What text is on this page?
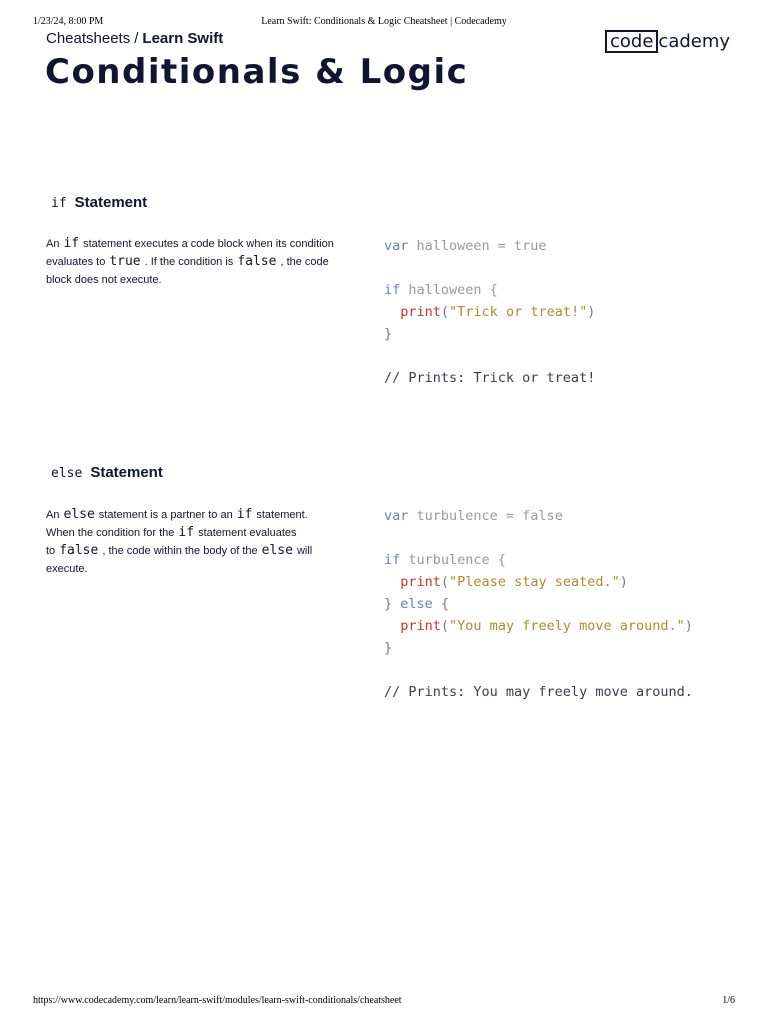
1/23/24, 8:00 PM	Learn Swift: Conditionals & Logic Cheatsheet | Codecademy
Cheatsheets / Learn Swift	code cademy
Conditionals & Logic
if Statement
An if statement executes a code block when its condition evaluates to true . If the condition is false , the code block does not execute.
var halloween = true
if halloween {
print("Trick or treat!")
}
// Prints: Trick or treat!
else Statement
An else statement is a partner to an if statement. When the condition for the if statement evaluates to false , the code within the body of the else will execute.
var turbulence = false
if turbulence {
print("Please stay seated.")
} else {
print("You may freely move around.")
}
// Prints: You may freely move around.
https://www.codecademy.com/learn/learn-swift/modules/learn-swift-conditionals/cheatsheet	1/6
